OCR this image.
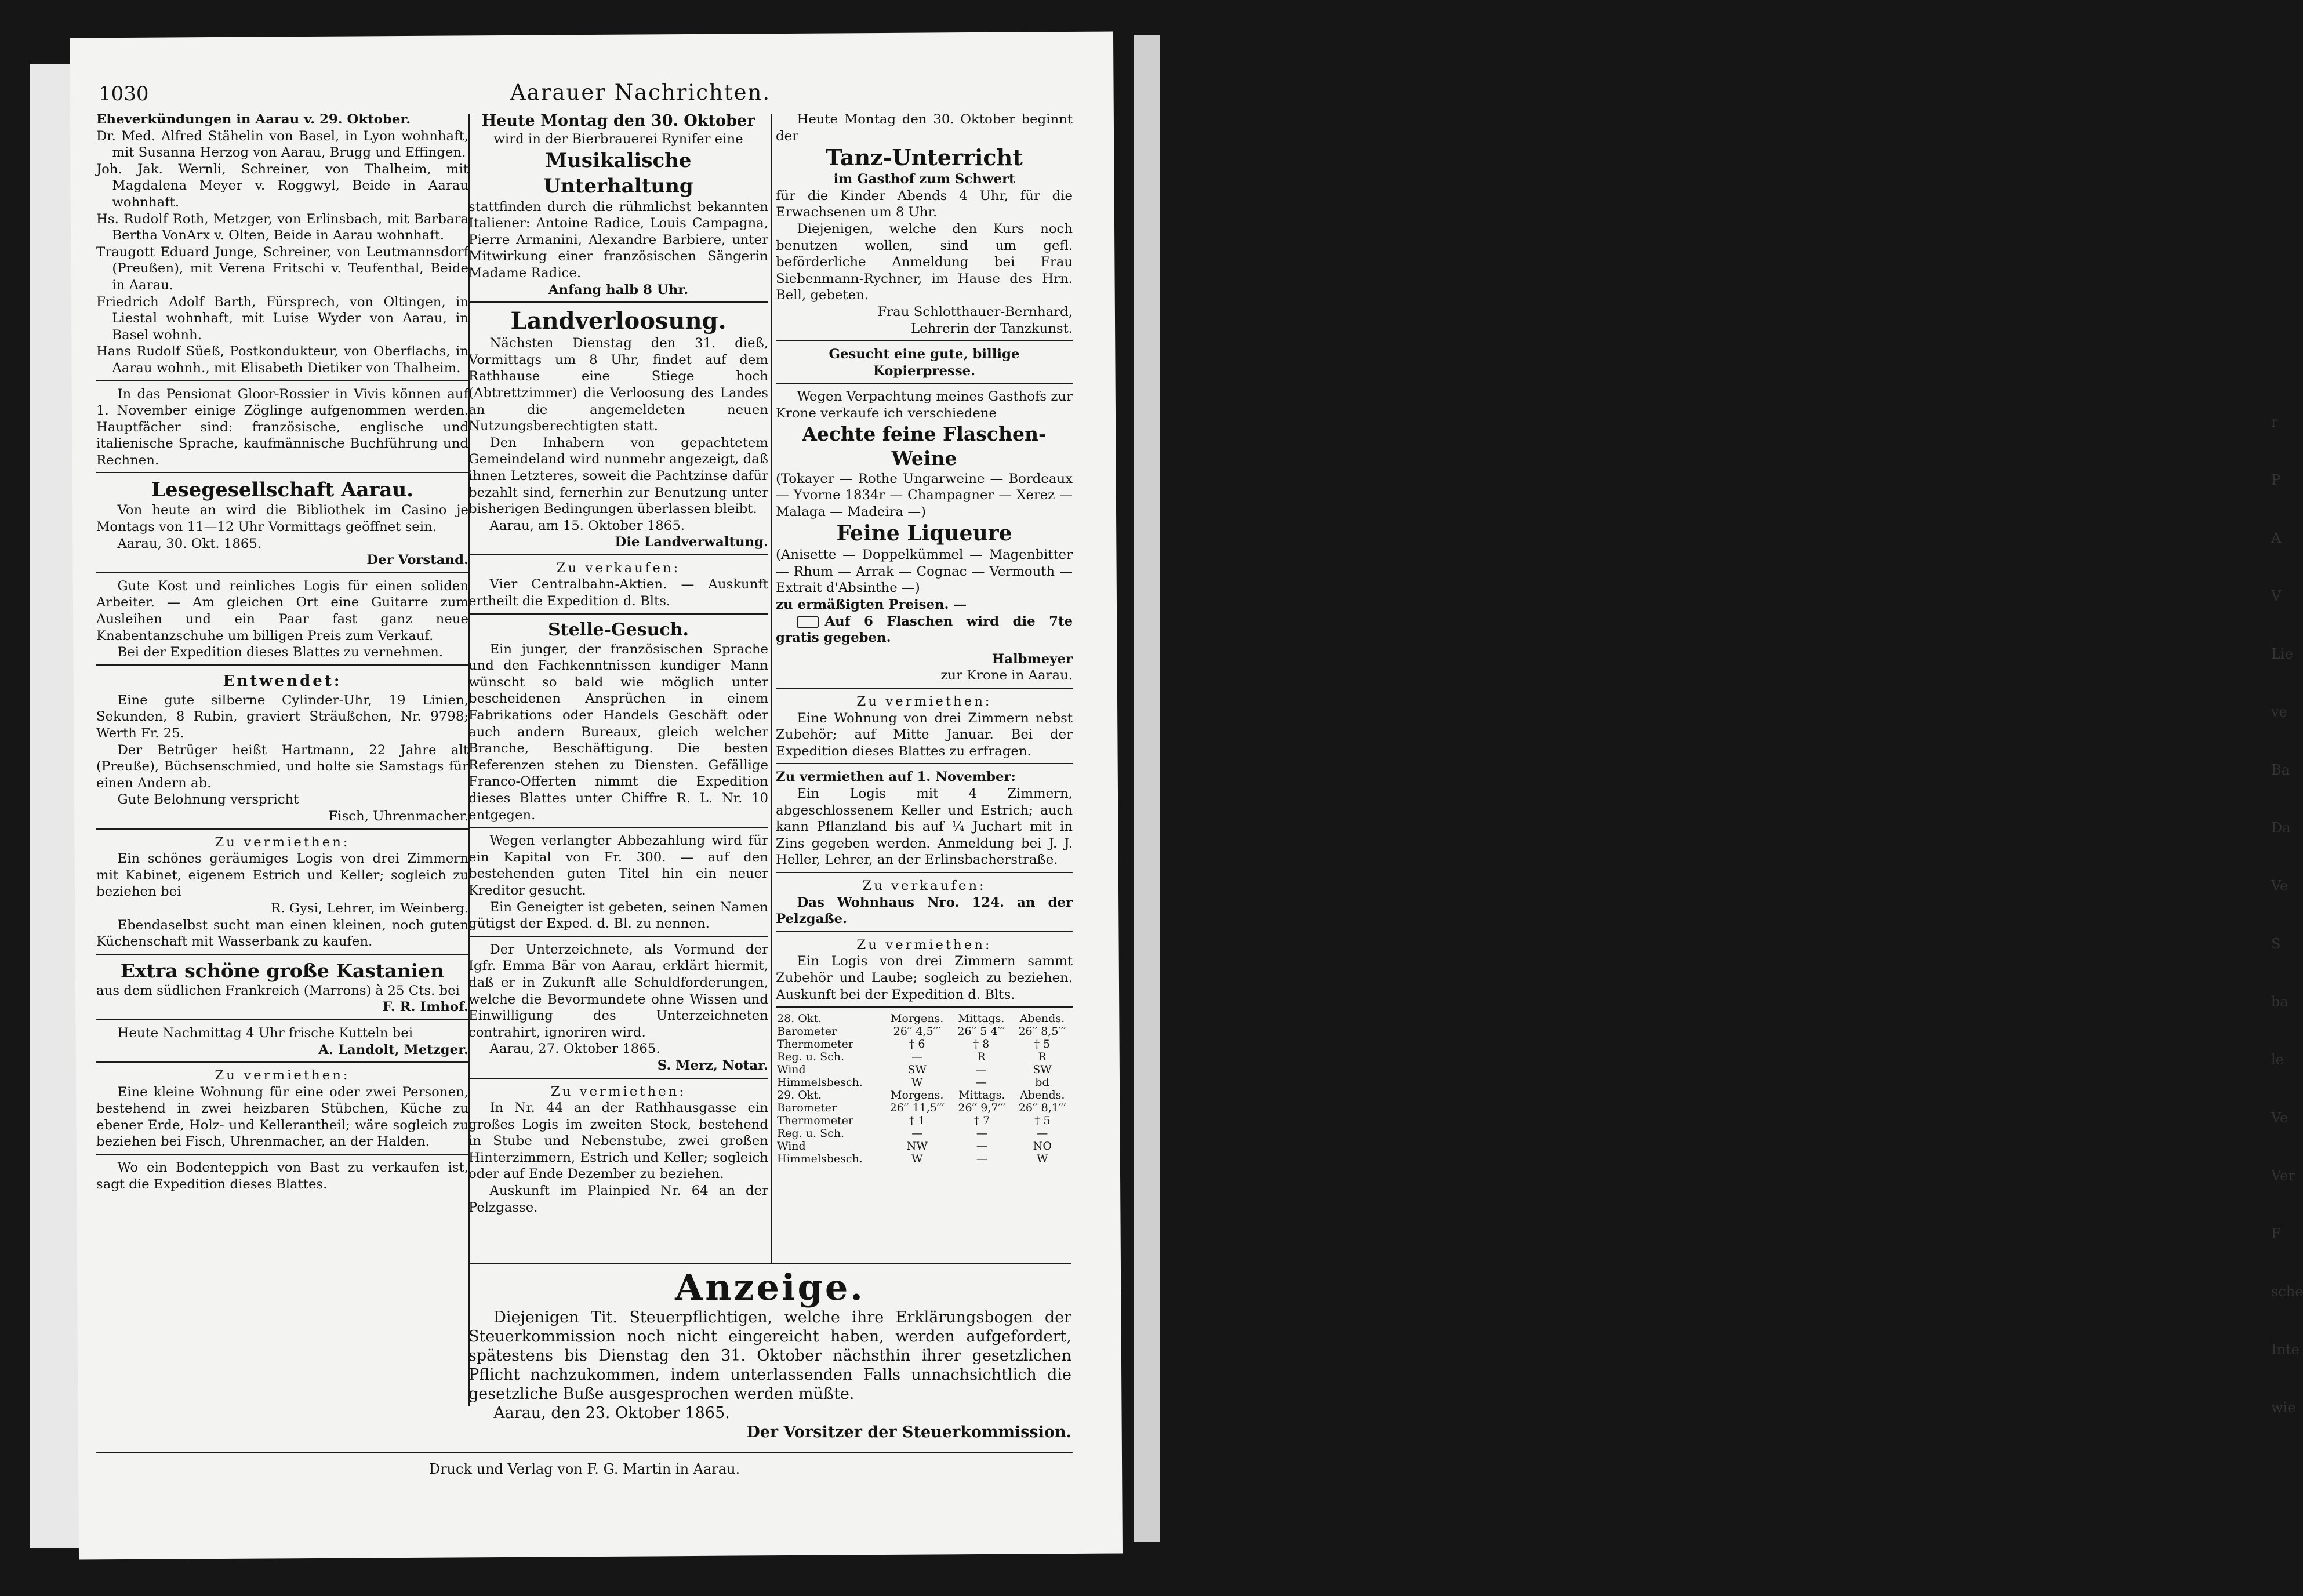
r
P
A
V
Lie
ve
Ba
Da
Ve
S
ba
le
Ve
Ver
F
sche
Inte
wie
1030	Aarauer Nachrichten.

Eheverkündungen in Aarau v. 29. Oktober.

Dr. Med. Alfred Stähelin von Basel, in Lyon wohnhaft, mit Susanna Herzog von Aarau, Brugg und Effingen.

Joh. Jak. Wernli, Schreiner, von Thalheim, mit Magdalena Meyer v. Roggwyl, Beide in Aarau wohnhaft.

Hs. Rudolf Roth, Metzger, von Erlinsbach, mit Barbara Bertha VonArx v. Olten, Beide in Aarau wohnhaft.

Traugott Eduard Junge, Schreiner, von Leutmannsdorf (Preußen), mit Verena Fritschi v. Teufenthal, Beide in Aarau.

Friedrich Adolf Barth, Fürsprech, von Oltingen, in Liestal wohnhaft, mit Luise Wyder von Aarau, in Basel wohnh.

Hans Rudolf Süeß, Postkondukteur, von Oberflachs, in Aarau wohnh., mit Elisabeth Dietiker von Thalheim.

In das Pensionat Gloor-Rossier in Vivis können auf 1. November einige Zöglinge aufgenommen werden. Hauptfächer sind: französische, englische und italienische Sprache, kaufmännische Buchführung und Rechnen.

Lesegesellschaft Aarau.

Von heute an wird die Bibliothek im Casino je Montags von 11—12 Uhr Vormittags geöffnet sein.

Aarau, 30. Okt. 1865.

Der Vorstand.

Gute Kost und reinliches Logis für einen soliden Arbeiter. — Am gleichen Ort eine Guitarre zum Ausleihen und ein Paar fast ganz neue Knabentanzschuhe um billigen Preis zum Verkauf.

Bei der Expedition dieses Blattes zu vernehmen.

Entwendet:

Eine gute silberne Cylinder-Uhr, 19 Linien, Sekunden, 8 Rubin, graviert Sträußchen, Nr. 9798; Werth Fr. 25.

Der Betrüger heißt Hartmann, 22 Jahre alt (Preuße), Büchsenschmied, und holte sie Samstags für einen Andern ab.

Gute Belohnung verspricht

Fisch, Uhrenmacher.

Zu vermiethen:

Ein schönes geräumiges Logis von drei Zimmern mit Kabinet, eigenem Estrich und Keller; sogleich zu beziehen bei

R. Gysi, Lehrer, im Weinberg.

Ebendaselbst sucht man einen kleinen, noch guten Küchenschaft mit Wasserbank zu kaufen.

Extra schöne große Kastanien

aus dem südlichen Frankreich (Marrons) à 25 Cts. bei

F. R. Imhof.

Heute Nachmittag 4 Uhr frische Kutteln bei

A. Landolt, Metzger.

Zu vermiethen:

Eine kleine Wohnung für eine oder zwei Personen, bestehend in zwei heizbaren Stübchen, Küche zu ebener Erde, Holz- und Kellerantheil; wäre sogleich zu beziehen bei Fisch, Uhrenmacher, an der Halden.

Wo ein Bodenteppich von Bast zu verkaufen ist, sagt die Expedition dieses Blattes.

Heute Montag den 30. Oktober

wird in der Bierbrauerei Rynifer eine

Musikalische Unterhaltung

stattfinden durch die rühmlichst bekannten Italiener: Antoine Radice, Louis Campagna, Pierre Armanini, Alexandre Barbiere, unter Mitwirkung einer französischen Sängerin Madame Radice.

Anfang halb 8 Uhr.

Landverloosung.

Nächsten Dienstag den 31. dieß, Vormittags um 8 Uhr, findet auf dem Rathhause eine Stiege hoch (Abtrettzimmer) die Verloosung des Landes an die angemeldeten neuen Nutzungsberechtigten statt.

Den Inhabern von gepachtetem Gemeindeland wird nunmehr angezeigt, daß ihnen Letzteres, soweit die Pachtzinse dafür bezahlt sind, fernerhin zur Benutzung unter bisherigen Bedingungen überlassen bleibt.

Aarau, am 15. Oktober 1865.

Die Landverwaltung.

Zu verkaufen:

Vier Centralbahn-Aktien. — Auskunft ertheilt die Expedition d. Blts.

Stelle-Gesuch.

Ein junger, der französischen Sprache und den Fachkenntnissen kundiger Mann wünscht so bald wie möglich unter bescheidenen Ansprüchen in einem Fabrikations oder Handels Geschäft oder auch andern Bureaux, gleich welcher Branche, Beschäftigung. Die besten Referenzen stehen zu Diensten. Gefällige Franco-Offerten nimmt die Expedition dieses Blattes unter Chiffre R. L. Nr. 10 entgegen.

Wegen verlangter Abbezahlung wird für ein Kapital von Fr. 300. — auf den bestehenden guten Titel hin ein neuer Kreditor gesucht.

Ein Geneigter ist gebeten, seinen Namen gütigst der Exped. d. Bl. zu nennen.

Der Unterzeichnete, als Vormund der Igfr. Emma Bär von Aarau, erklärt hiermit, daß er in Zukunft alle Schuldforderungen, welche die Bevormundete ohne Wissen und Einwilligung des Unterzeichneten contrahirt, ignoriren wird.

Aarau, 27. Oktober 1865.

S. Merz, Notar.

Zu vermiethen:

In Nr. 44 an der Rathhausgasse ein großes Logis im zweiten Stock, bestehend in Stube und Nebenstube, zwei großen Hinterzimmern, Estrich und Keller; sogleich oder auf Ende Dezember zu beziehen.

Auskunft im Plainpied Nr. 64 an der Pelzgasse.

Heute Montag den 30. Oktober beginnt der

Tanz-Unterricht

im Gasthof zum Schwert

für die Kinder Abends 4 Uhr, für die Erwachsenen um 8 Uhr.

Diejenigen, welche den Kurs noch benutzen wollen, sind um gefl. beförderliche Anmeldung bei Frau Siebenmann-Rychner, im Hause des Hrn. Bell, gebeten.

Frau Schlotthauer-Bernhard,

Lehrerin der Tanzkunst.

Gesucht eine gute, billige Kopierpresse.

Wegen Verpachtung meines Gasthofs zur Krone verkaufe ich verschiedene

Aechte feine Flaschen-Weine

(Tokayer — Rothe Ungarweine — Bordeaux — Yvorne 1834r — Champagner — Xerez — Malaga — Madeira —)

Feine Liqueure

(Anisette — Doppelkümmel — Magenbitter — Rhum — Arrak — Cognac — Vermouth — Extrait d'Absinthe —)

zu ermäßigten Preisen. —

Auf 6 Flaschen wird die 7te gratis gegeben.

Halbmeyer

zur Krone in Aarau.

Zu vermiethen:

Eine Wohnung von drei Zimmern nebst Zubehör; auf Mitte Januar. Bei der Expedition dieses Blattes zu erfragen.

Zu vermiethen auf 1. November:

Ein Logis mit 4 Zimmern, abgeschlossenem Keller und Estrich; auch kann Pflanzland bis auf ¼ Juchart mit in Zins gegeben werden. Anmeldung bei J. J. Heller, Lehrer, an der Erlinsbacherstraße.

Zu verkaufen:

Das Wohnhaus Nro. 124. an der Pelzgaße.

Zu vermiethen:

Ein Logis von drei Zimmern sammt Zubehör und Laube; sogleich zu beziehen. Auskunft bei der Expedition d. Blts.

28. Okt.	Morgens.	Mittags.	Abends.
Barometer	26′′ 4,5′′′	26′′ 5 4′′′	26′′ 8,5′′′
Thermometer	† 6	† 8	† 5
Reg. u. Sch.	—	R	R
Wind	SW	—	SW
Himmelsbesch.	W	—	bd
29. Okt.	Morgens.	Mittags.	Abends.
Barometer	26′′ 11,5′′′	26′′ 9,7′′′	26′′ 8,1′′′
Thermometer	† 1	† 7	† 5
Reg. u. Sch.	—	—	—
Wind	NW	—	NO
Himmelsbesch.	W	—	W
Anzeige.

Diejenigen Tit. Steuerpflichtigen, welche ihre Erklärungsbogen der Steuerkommission noch nicht eingereicht haben, werden aufgefordert, spätestens bis Dienstag den 31. Oktober nächsthin ihrer gesetzlichen Pflicht nachzukommen, indem unterlassenden Falls unnachsichtlich die gesetzliche Buße ausgesprochen werden müßte.

Aarau, den 23. Oktober 1865.

Der Vorsitzer der Steuerkommission.

Druck und Verlag von F. G. Martin in Aarau.
